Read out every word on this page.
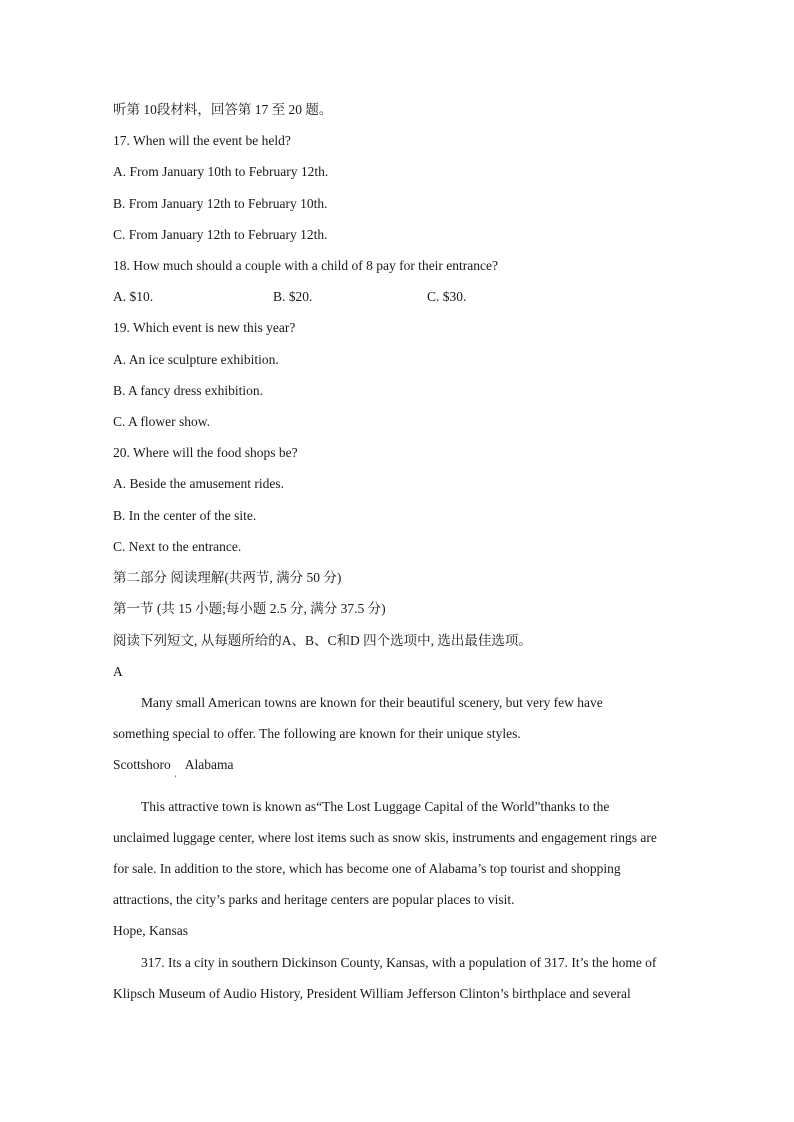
听第 10段材料，回答第 17 至 20 题。
17. When will the event be held?
A. From January 10th to February 12th.
B. From January 12th to February 10th.
C. From January 12th to February 12th.
18. How much should a couple with a child of 8 pay for their entrance?
A. $10.	B. $20.	C. $30.
19. Which event is new this year?
A. An ice sculpture exhibition.
B. A fancy dress exhibition.
C. A flower show.
20. Where will the food shops be?
A. Beside the amusement rides.
B. In the center of the site.
C. Next to the entrance.
第二部分 阅读理解(共两节, 满分 50 分)
第一节 (共 15 小题;每小题 2.5 分, 满分 37.5 分)
阅读下列短文, 从每题所给的A、B、C和D 四个选项中, 选出最佳选项。
A
Many small American towns are known for their beautiful scenery, but very few have
something special to offer. The following are known for their unique styles.
Scottshoro Alabama
'
This attractive town is known as“The Lost Luggage Capital of the World”thanks to the
unclaimed luggage center, where lost items such as snow skis, instruments and engagement rings are
for sale. In addition to the store, which has become one of Alabama’s top tourist and shopping
attractions, the city’s parks and heritage centers are popular places to visit.
Hope, Kansas
317. Its a city in southern Dickinson County, Kansas, with a population of 317. It’s the home of
Klipsch Museum of Audio History, President William Jefferson Clinton’s birthplace and several
